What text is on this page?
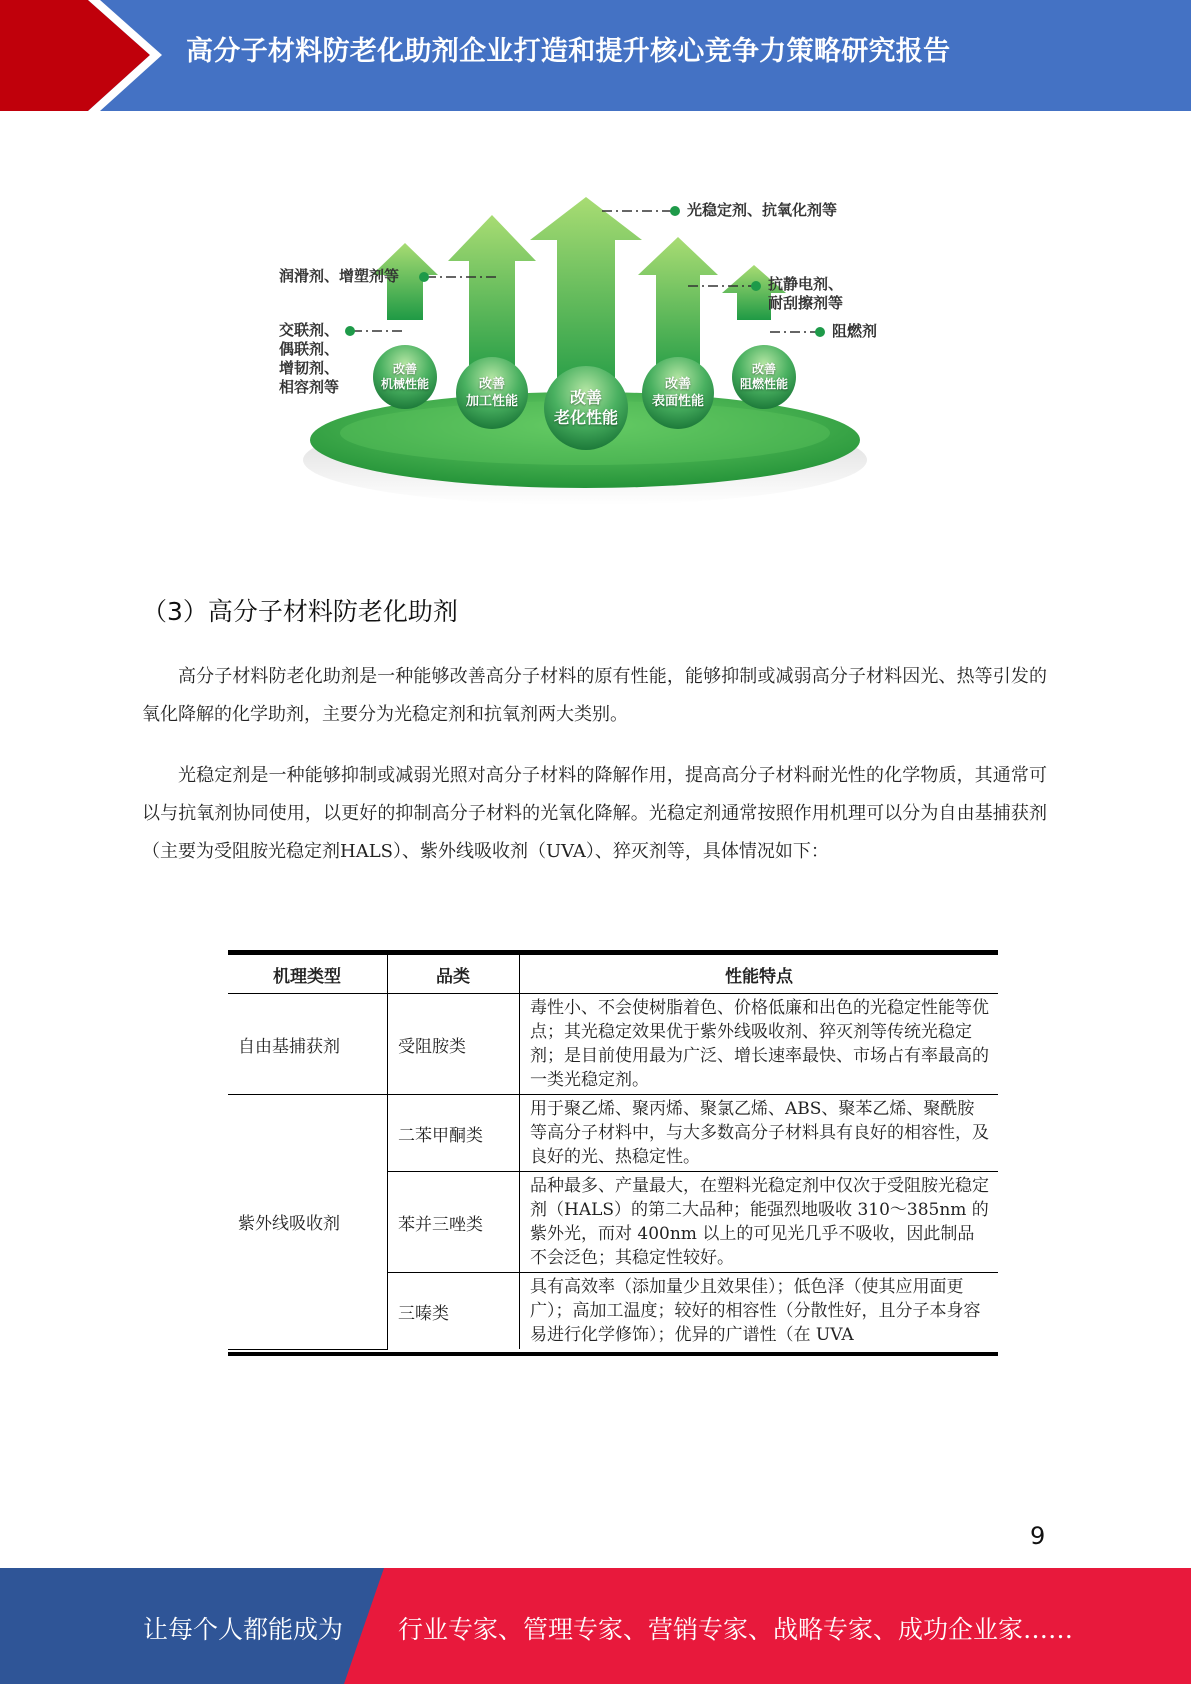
高分子材料防老化助剂企业打造和提升核心竞争力策略研究报告
光稳定剂、抗氧化剂等
润滑剂、增塑剂等
交联剂、
偶联剂、
增韧剂、
相容剂等
抗静电剂、
耐刮擦剂等
阻燃剂
改善
机械性能	改善
加工性能	改善
老化性能
改善
表面性能
改善
阻燃性能
（3）高分子材料防老化助剂
高分子材料防老化助剂是一种能够改善高分子材料的原有性能，能够抑制或减弱高分子材料因光、热等引发的氧化降解的化学助剂，主要分为光稳定剂和抗氧剂两大类别。
光稳定剂是一种能够抑制或减弱光照对高分子材料的降解作用，提高高分子材料耐光性的化学物质，其通常可以与抗氧剂协同使用，以更好的抑制高分子材料的光氧化降解。光稳定剂通常按照作用机理可以分为自由基捕获剂（主要为受阻胺光稳定剂HALS）、紫外线吸收剂（UVA）、猝灭剂等，具体情况如下：
机理类型	品类	性能特点
自由基捕获剂	受阻胺类	毒性小、不会使树脂着色、价格低廉和出色的光稳定性能等优点；其光稳定效果优于紫外线吸收剂、猝灭剂等传统光稳定剂；是目前使用最为广泛、增长速率最快、市场占有率最高的一类光稳定剂。
紫外线吸收剂	二苯甲酮类	用于聚乙烯、聚丙烯、聚氯乙烯、ABS、聚苯乙烯、聚酰胺等高分子材料中，与大多数高分子材料具有良好的相容性，及良好的光、热稳定性。
	苯并三唑类	品种最多、产量最大，在塑料光稳定剂中仅次于受阻胺光稳定剂（HALS）的第二大品种；能强烈地吸收 310～385nm 的紫外光，而对 400nm 以上的可见光几乎不吸收，因此制品不会泛色；其稳定性较好。
	三嗪类	具有高效率（添加量少且效果佳）；低色泽（使其应用面更广）；高加工温度；较好的相容性（分散性好，且分子本身容易进行化学修饰）；优异的广谱性（在 UVA
9
让每个人都能成为 行业专家、管理专家、营销专家、战略专家、成功企业家……
